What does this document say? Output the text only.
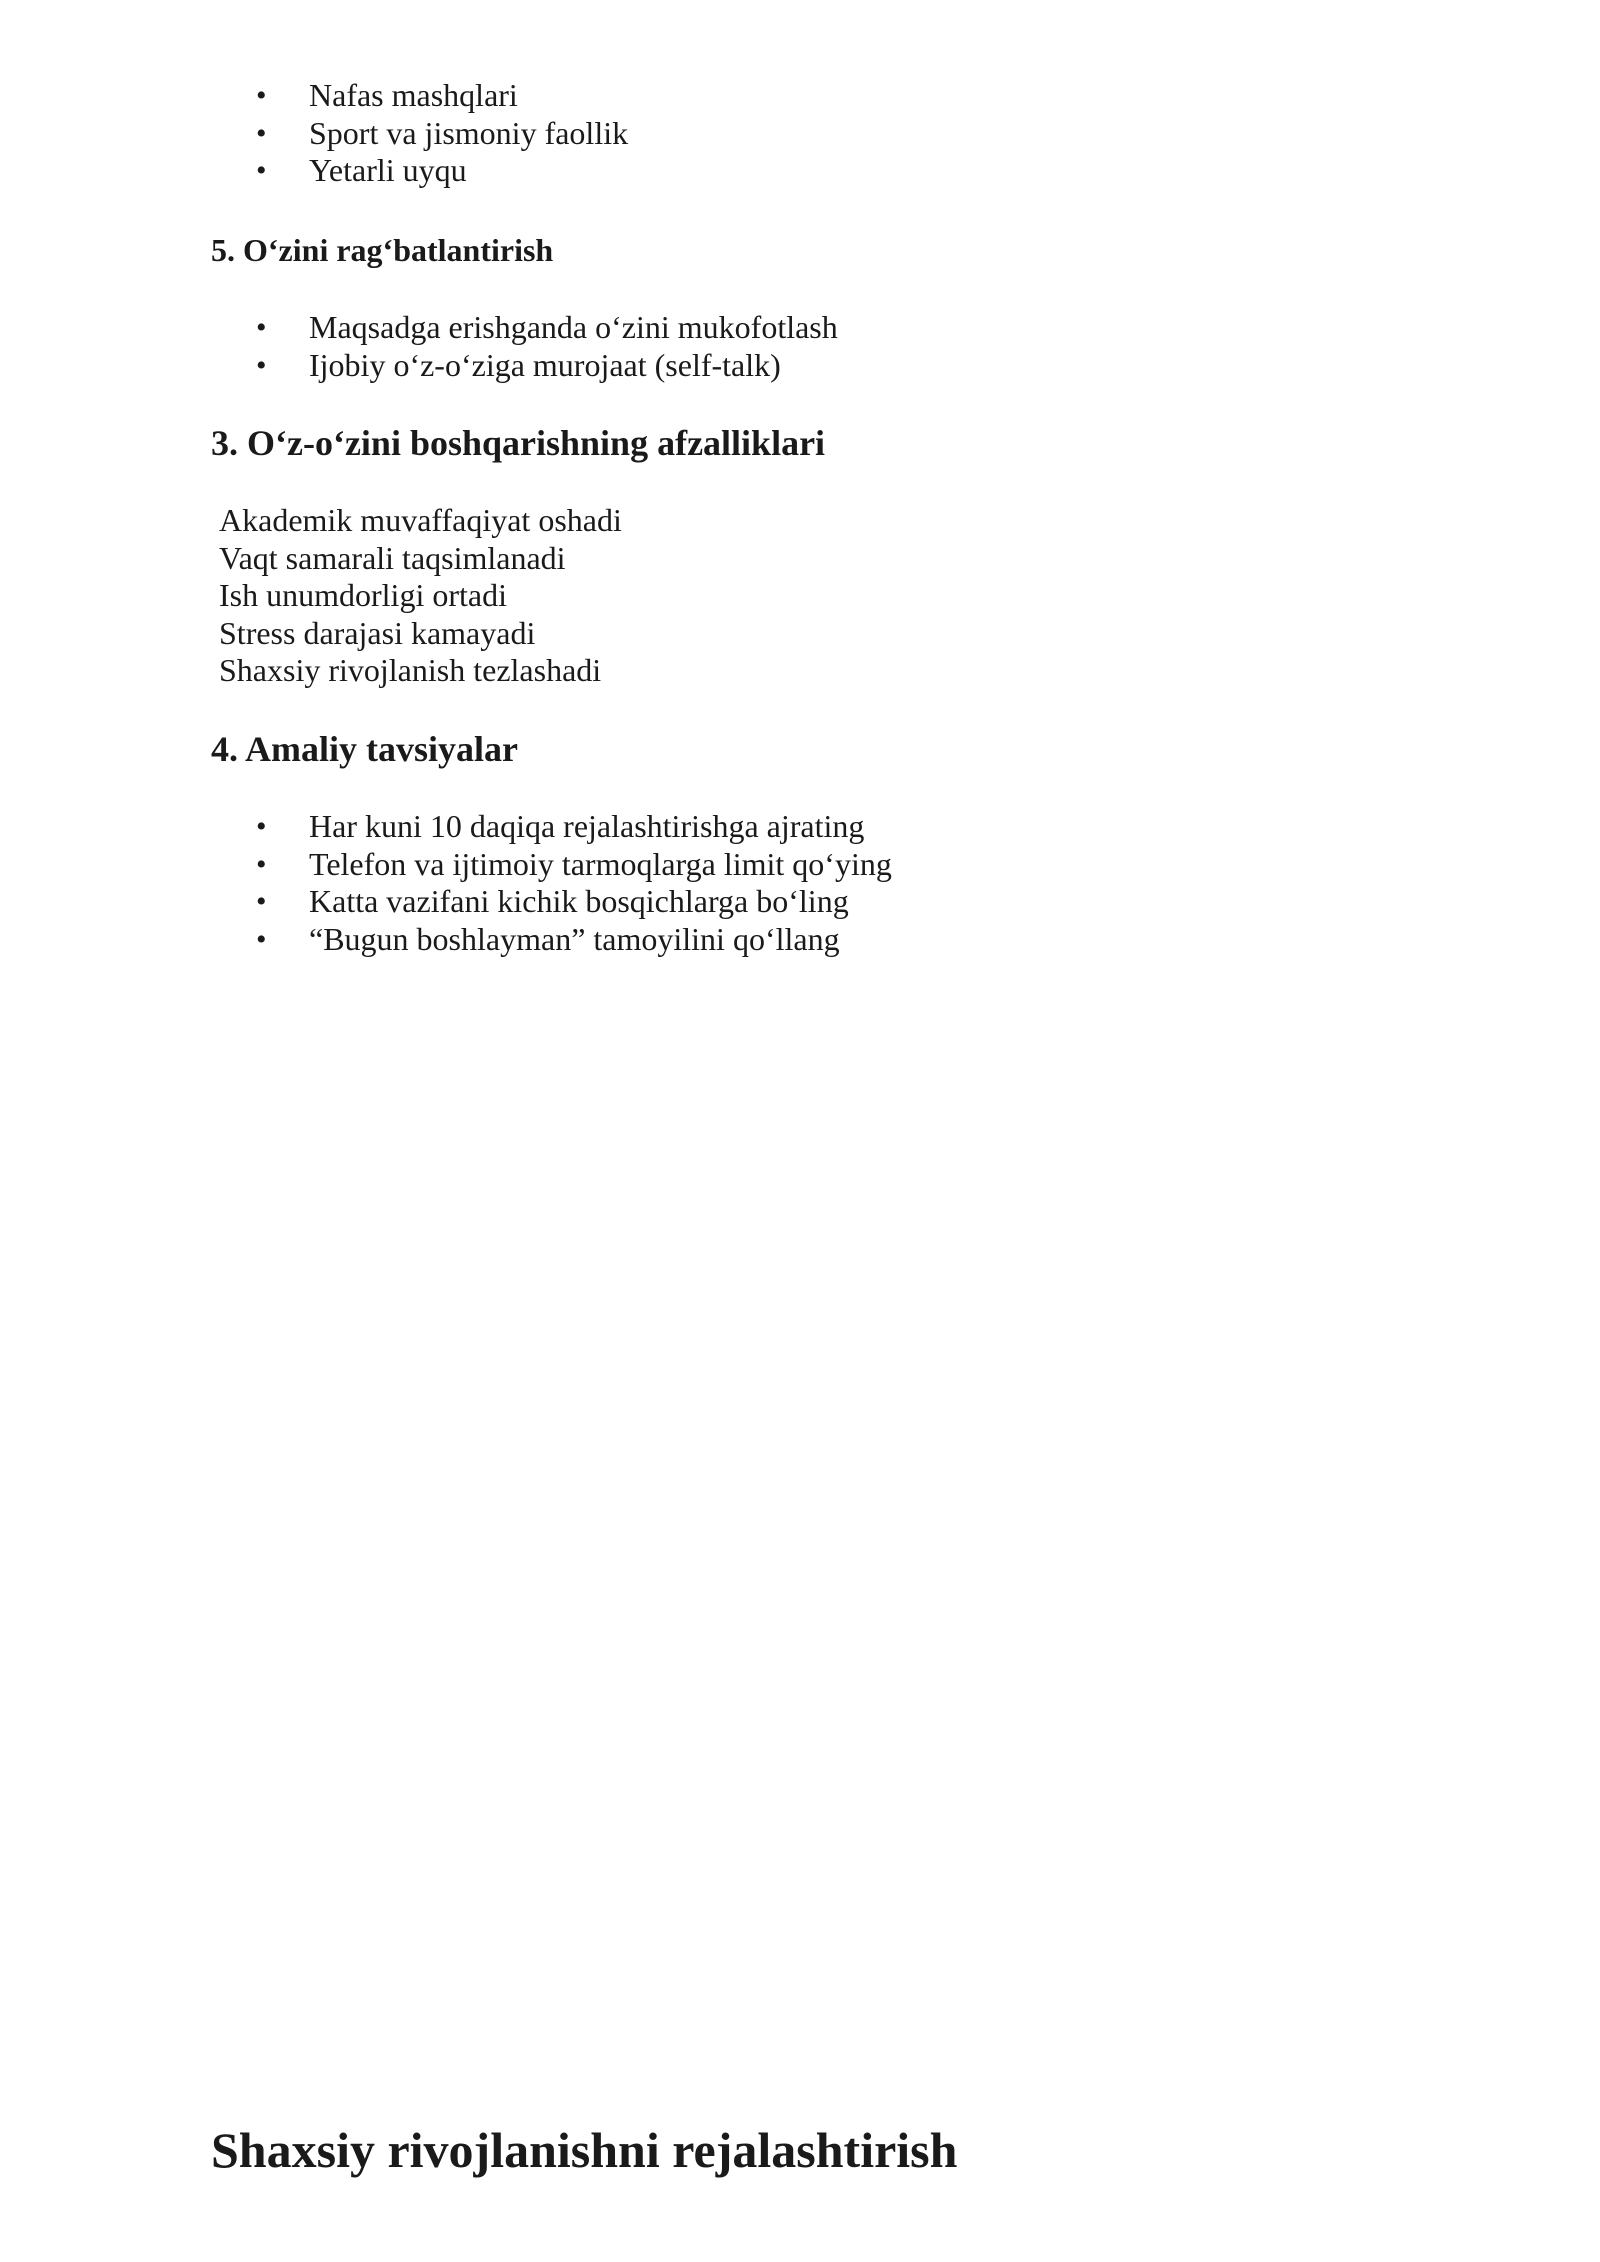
• Nafas mashqlari
• Sport va jismoniy faollik
• Yetarli uyqu
5. O‘zini rag‘batlantirish
• Maqsadga erishganda o‘zini mukofotlash
• Ijobiy o‘z-o‘ziga murojaat (self-talk)
3. O‘z-o‘zini boshqarishning afzalliklari
Akademik muvaffaqiyat oshadi
Vaqt samarali taqsimlanadi
Ish unumdorligi ortadi
Stress darajasi kamayadi
Shaxsiy rivojlanish tezlashadi
4. Amaliy tavsiyalar
• Har kuni 10 daqiqa rejalashtirishga ajrating
• Telefon va ijtimoiy tarmoqlarga limit qo‘ying
• Katta vazifani kichik bosqichlarga bo‘ling
• “Bugun boshlayman” tamoyilini qo‘llang
Shaxsiy rivojlanishni rejalashtirish
